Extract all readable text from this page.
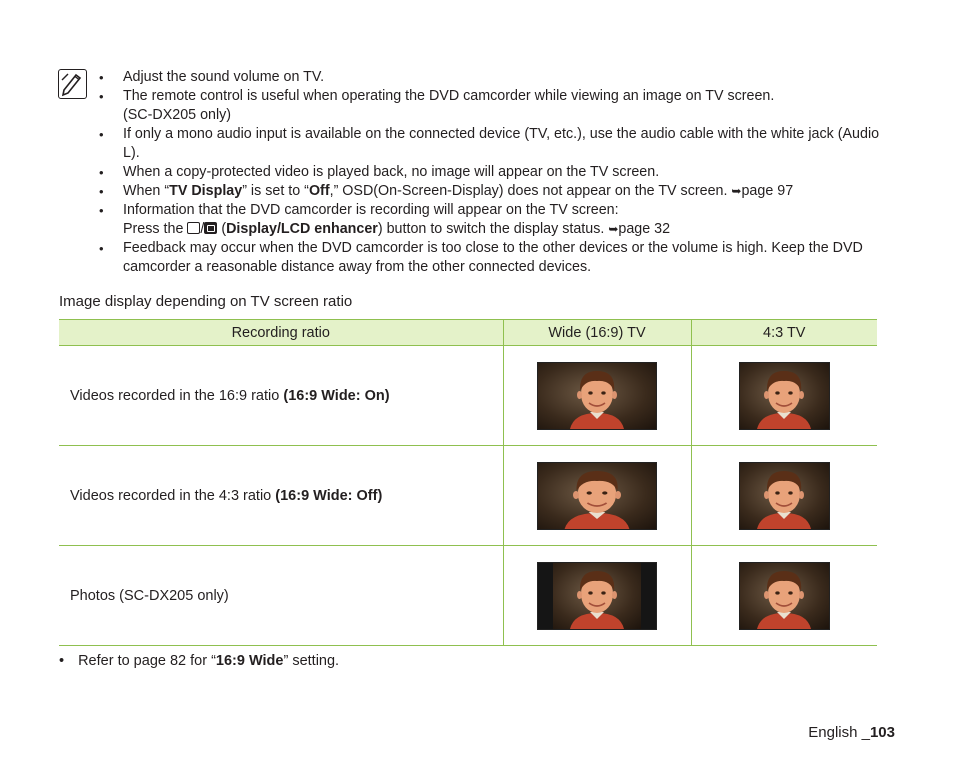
• Adjust the sound volume on TV.
• The remote control is useful when operating the DVD camcorder while viewing an image on TV screen.
(SC-DX205 only)
• If only a mono audio input is available on the connected device (TV, etc.), use the audio cable with the white jack (Audio L).
• When a copy-protected video is played back, no image will appear on the TV screen.
• When “TV Display” is set to “Off,” OSD(On-Screen-Display) does not appear on the TV screen. ➥page 97
• Information that the DVD camcorder is recording will appear on the TV screen:
Press the / (Display/LCD enhancer) button to switch the display status. ➥page 32
• Feedback may occur when the DVD camcorder is too close to the other devices or the volume is high. Keep the DVD camcorder a reasonable distance away from the other connected devices.
Image display depending on TV screen ratio
Recording ratio	Wide (16:9) TV	4:3 TV
Videos recorded in the 16:9 ratio (16:9 Wide: On)	

Videos recorded in the 4:3 ratio (16:9 Wide: Off)	

Photos (SC-DX205 only)	

• Refer to page 82 for “16:9 Wide” setting.
English _103
